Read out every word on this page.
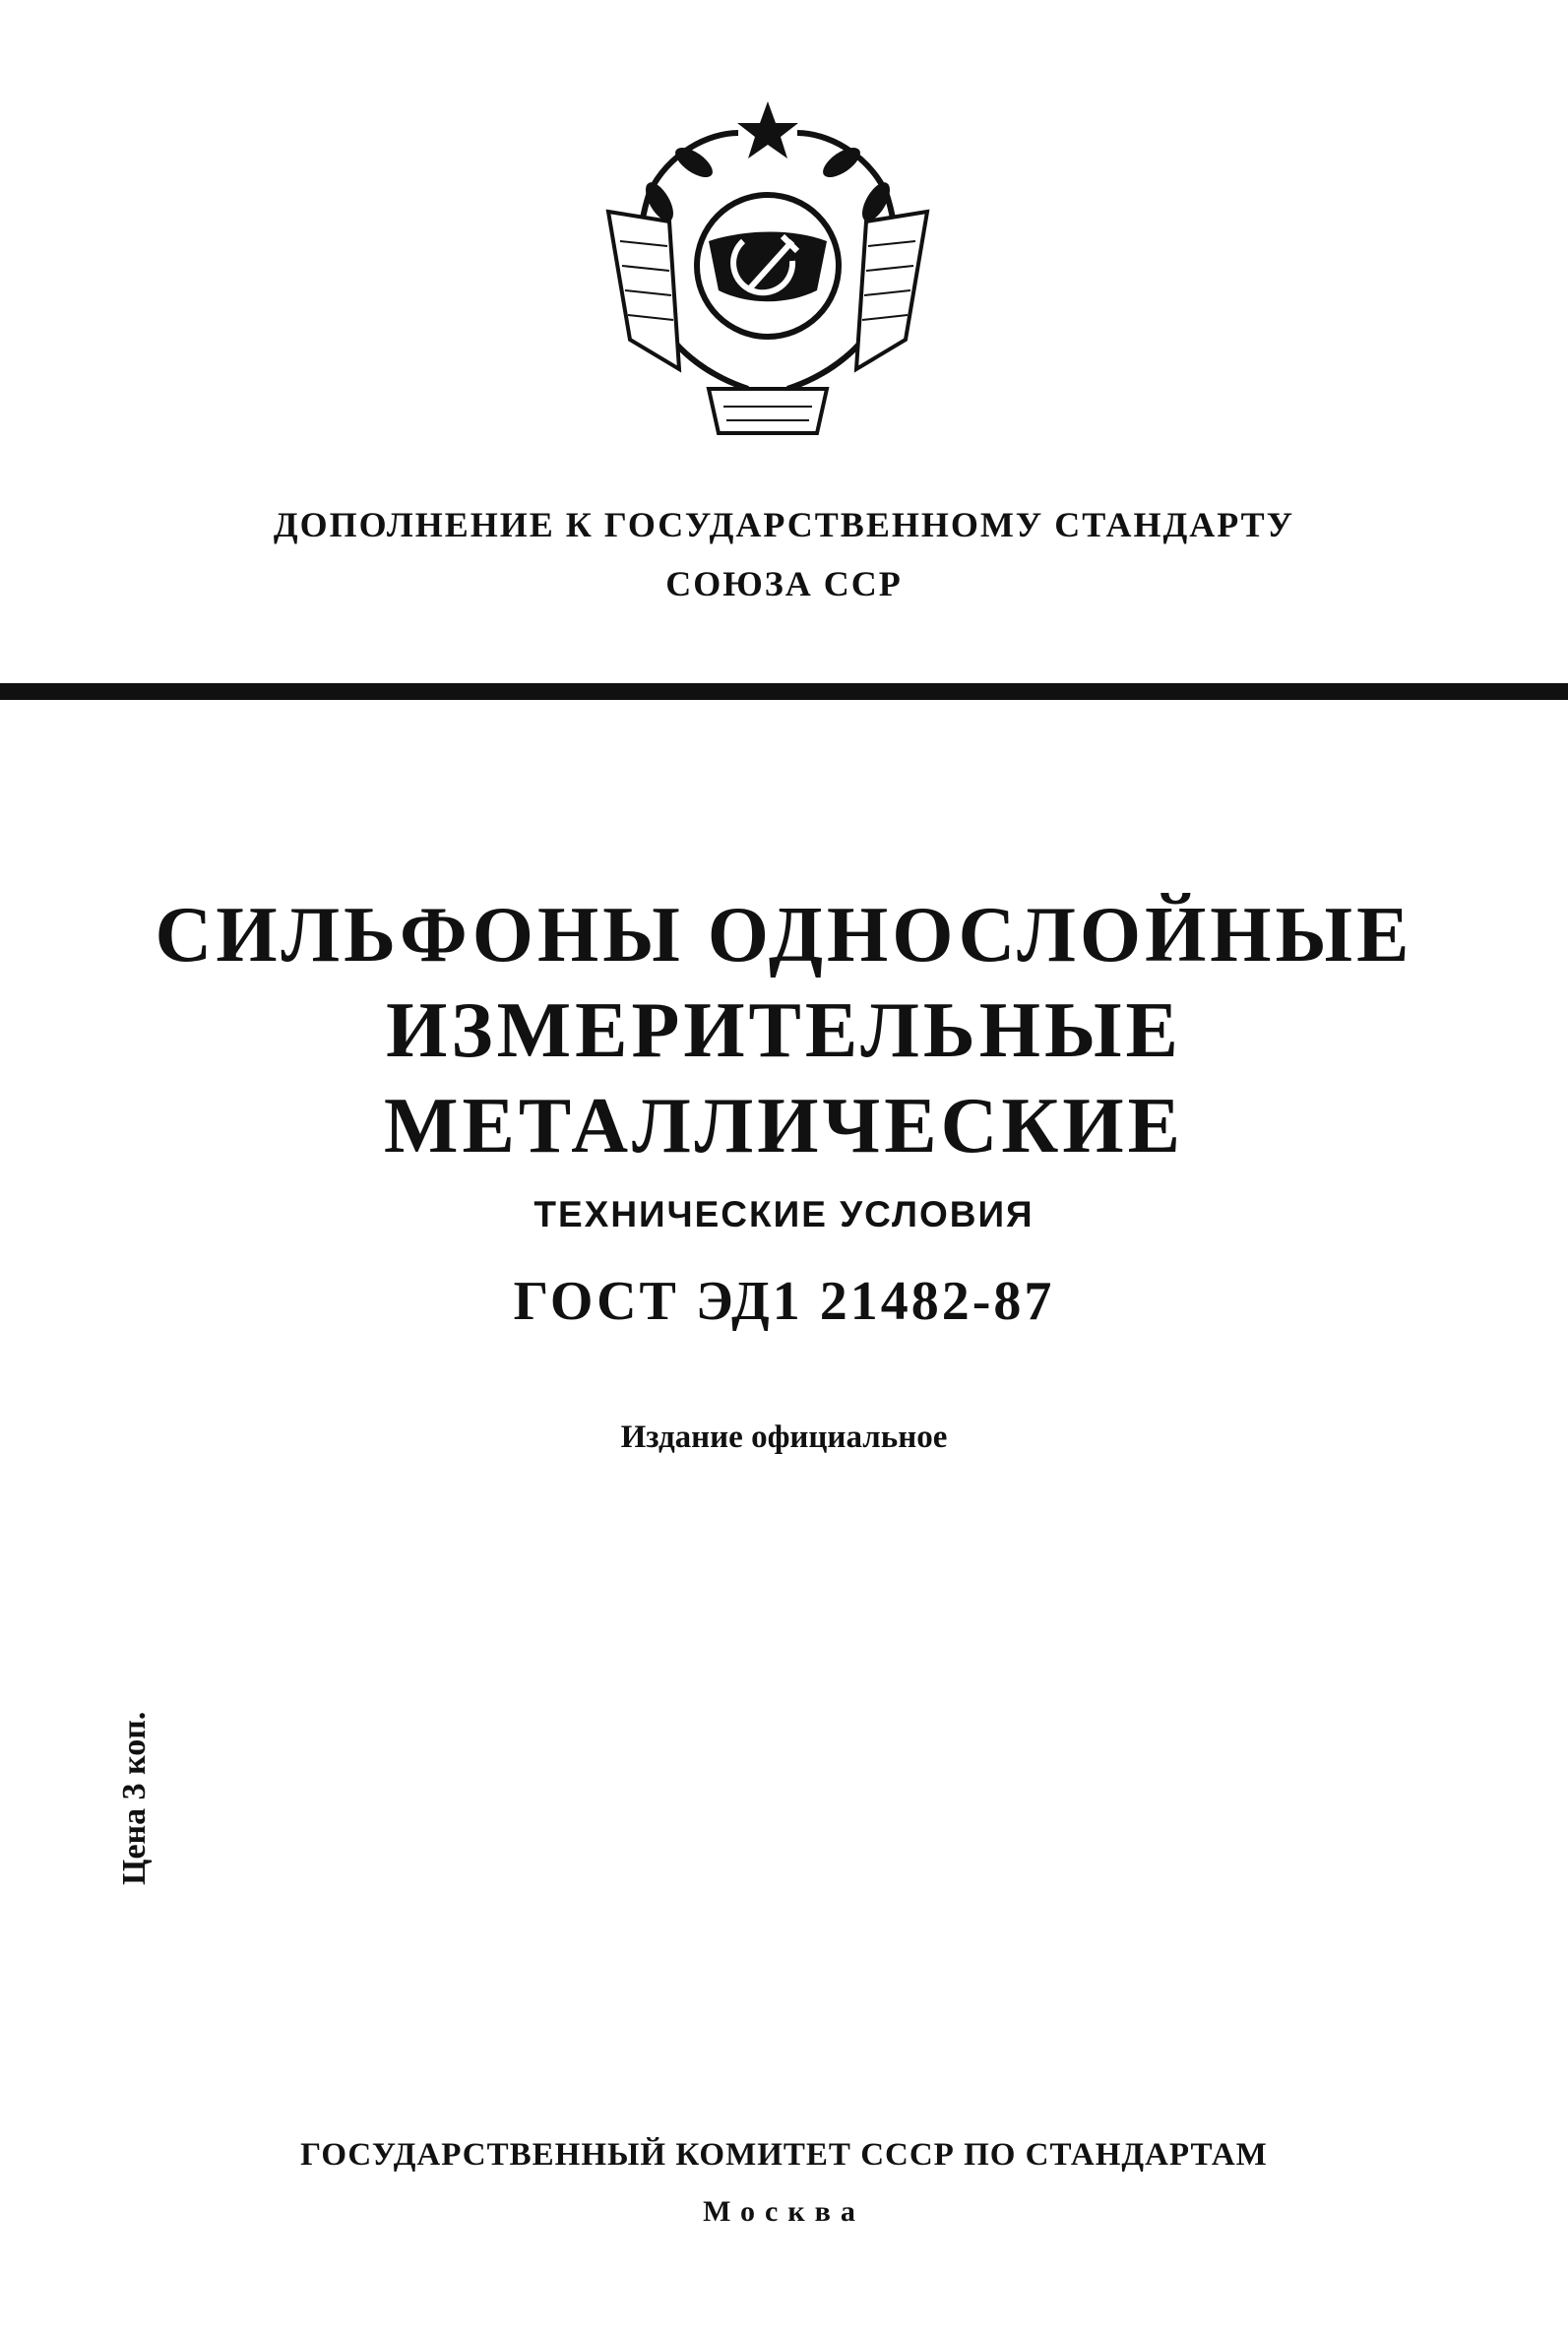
ДОПОЛНЕНИЕ К ГОСУДАРСТВЕННОМУ СТАНДАРТУ
СОЮЗА ССР
СИЛЬФОНЫ ОДНОСЛОЙНЫЕ
ИЗМЕРИТЕЛЬНЫЕ
МЕТАЛЛИЧЕСКИЕ
ТЕХНИЧЕСКИЕ УСЛОВИЯ
ГОСТ ЭД1 21482-87
Издание официальное
Цена 3 коп.
ГОСУДАРСТВЕННЫЙ КОМИТЕТ СССР ПО СТАНДАРТАМ
Москва
